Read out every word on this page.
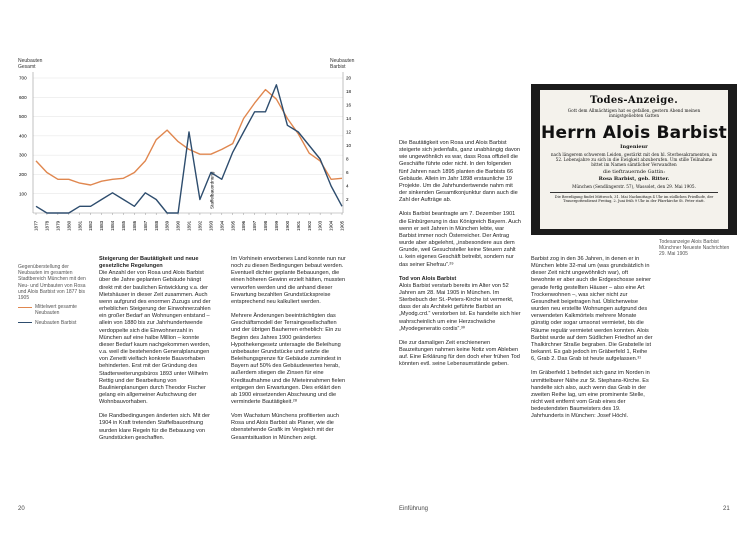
Neubauten
Gesamt
Neubauten
Barbist
700
600
500
400
300
200
100
20
18
16
14
12
10
8
6
4
2
1877 1878 1879 1880 1881 1882 1883 1884 1885 1886 1887 1888 1889 1890 1891 1892 1893 1894 1895 1896 1897 1898 1899 1900 1901 1902 1903 1904 1905
Staffelbauordnung
Gegenüberstellung der Neubauten im gesamten Stadtbereich München mit den Neu- und Umbauten von Rosa und Alois Barbist von 1877 bis 1905
Mittelwert gesamte Neubauten
Neubauten Barbist

Steigerung der Bautätigkeit und neue gesetzliche Regelungen

Die Anzahl der von Rosa und Alois Barbist über die Jahre geplanten Gebäude hängt direkt mit der baulichen Entwicklung v.a. der Mietshäuser in dieser Zeit zusammen. Auch wenn aufgrund des enormen Zuzugs und der erheblichen Steigerung der Einwohnerzahlen ein großer Bedarf an Wohnungen entstand – allein von 1880 bis zur Jahrhundertwende verdoppelte sich die Einwohnerzahl in München auf eine halbe Million – konnte dieser Bedarf kaum nachgekommen werden, v.a. weil die bestehenden Generalplanungen von Zenetti vielfach konkrete Bauvorhaben behinderten. Erst mit der Gründung des Stadterweiterungsbüros 1893 unter Wilhelm Rettig und der Bearbeitung von Baulinienplanungen durch Theodor Fischer gelang ein allgemeiner Aufschwung der Wohnbauvorhaben.

Die Randbedingungen änderten sich. Mit der 1904 in Kraft tretenden Staffelbauordnung wurden klare Regeln für die Bebauung von Grundstücken geschaffen.

Im Vorhinein erworbenes Land konnte nun nur noch zu diesen Bedingungen bebaut werden. Eventuell dichter geplante Bebauungen, die einen höheren Gewinn erzielt hätten, mussten verworfen werden und die anhand dieser Erwartung bezahlten Grundstückspreise entsprechend neu kalkuliert werden.

Mehrere Änderungen beeinträchtigten das Geschäftsmodell der Terraingesellschaften und der übrigen Bauherren erheblich: Ein zu Beginn des Jahres 1900 geändertes Hypothekengesetz untersagte die Beleihung unbebauter Grundstücke und setzte die Beleihungsgrenze für Gebäude zumindest in Bayern auf 50% des Gebäudewertes herab, außerdem stiegen die Zinsen für eine Kreditaufnahme und die Mieteinnahmen fielen entgegen den Erwartungen. Dies erklärt den ab 1900 einsetzenden Abschwung und die verminderte Bautätigkeit.²⁸

Vom Wachstum Münchens profitierten auch Rosa und Alois Barbist als Planer, wie die obenstehende Grafik im Vergleich mit der Gesamtsituation in München zeigt.

Die Bautätigkeit von Rosa und Alois Barbist steigerte sich jedenfalls, ganz unabhängig davon wie ungewöhnlich es war, dass Rosa offiziell die Geschäfte führte oder nicht. In den folgenden fünf Jahren nach 1895 planten die Barbists 66 Gebäude. Allein im Jahr 1898 erstaunliche 19 Projekte. Um die Jahrhundertwende nahm mit der sinkenden Gesamtkonjunktur dann auch die Zahl der Aufträge ab.

Alois Barbist beantragte am 7. Dezember 1901 die Einbürgerung in das Königreich Bayern. Auch wenn er seit Jahren in München lebte, war Barbist immer noch Österreicher. Der Antrag wurde aber abgelehnt, „insbesondere aus dem Grunde, weil Gesuchsteller keine Steuern zahlt u. kein eigenes Geschäft betreibt, sondern nur das seiner Ehefrau“.²⁹

Tod von Alois Barbist

Alois Barbist verstarb bereits im Alter von 52 Jahren am 28. Mai 1905 in München. Im Sterbebuch der St.-Peters-Kirche ist vermerkt, dass der als Architekt geführte Barbist an „Myodg.crd.“ verstorben ist. Es handelte sich hier wahrscheinlich um eine Herzschwäche „Myodegeneratio cordis“.³⁰

Die zur damaligen Zeit erschienenen Bauzeitungen nahmen keine Notiz vom Ableben auf. Eine Erklärung für den doch eher frühen Tod könnten evtl. seine Lebensumstände geben.

Todes-Anzeige.
Gott dem Allmächtigen hat es gefallen, gestern Abend meinen innigstgeliebten Gatten
Herrn Alois Barbist
Ingenieur
nach längerem schwerem Leiden, gestärkt mit den hl. Sterbesakramenten, im 52. Lebensjahre zu sich in die Ewigkeit abzuberufen. Um stille Teilnahme bittet im Namen sämtlicher Verwandten
die tieftrauernde Gattin:
Rosa Barbist, geb. Ritter.
München (Sendlingerstr. 57), Wassolet, den 29. Mai 1905.
Die Beerdigung findet Mittwoch, 31. Mai Nachmittags 4 Uhr im südlichen Friedhofe, der Trauergottesdienst Freitag, 2. Juni früh 9 Uhr in der Pfarrkirche St. Peter statt.
Todesanzeige Alois Barbist
Münchner Neueste Nachrichten
29. Mai 1905

Barbist zog in den 36 Jahren, in denen er in München lebte 32-mal um (was grundsätzlich in dieser Zeit nicht ungewöhnlich war), oft bewohnte er aber auch die Erdgeschosse seiner gerade fertig gestellten Häuser – also eine Art Trockenwohnen –, was sicher nicht zur Gesundheit beigetragen hat. Üblicherweise wurden neu erstellte Wohnungen aufgrund des verwendeten Kalkmörtels mehrere Monate günstig oder sogar umsonst vermietet, bis die Räume regulär vermietet werden konnten. Alois Barbist wurde auf dem Südlichen Friedhof an der Thalkirchner Straße begraben. Die Grabstelle ist bekannt. Es gab jedoch im Gräberfeld 1, Reihe 6, Grab 2. Das Grab ist heute aufgelassen.³¹

Im Gräberfeld 1 befindet sich ganz im Norden in unmittelbarer Nähe zur St. Stephans-Kirche. Es handelte sich also, auch wenn das Grab in der zweiten Reihe lag, um eine prominente Stelle, nicht weit entfernt vom Grab eines der bedeutendsten Baumeisters des 19. Jahrhunderts in München: Josef Höchl.

20	Einführung	21
